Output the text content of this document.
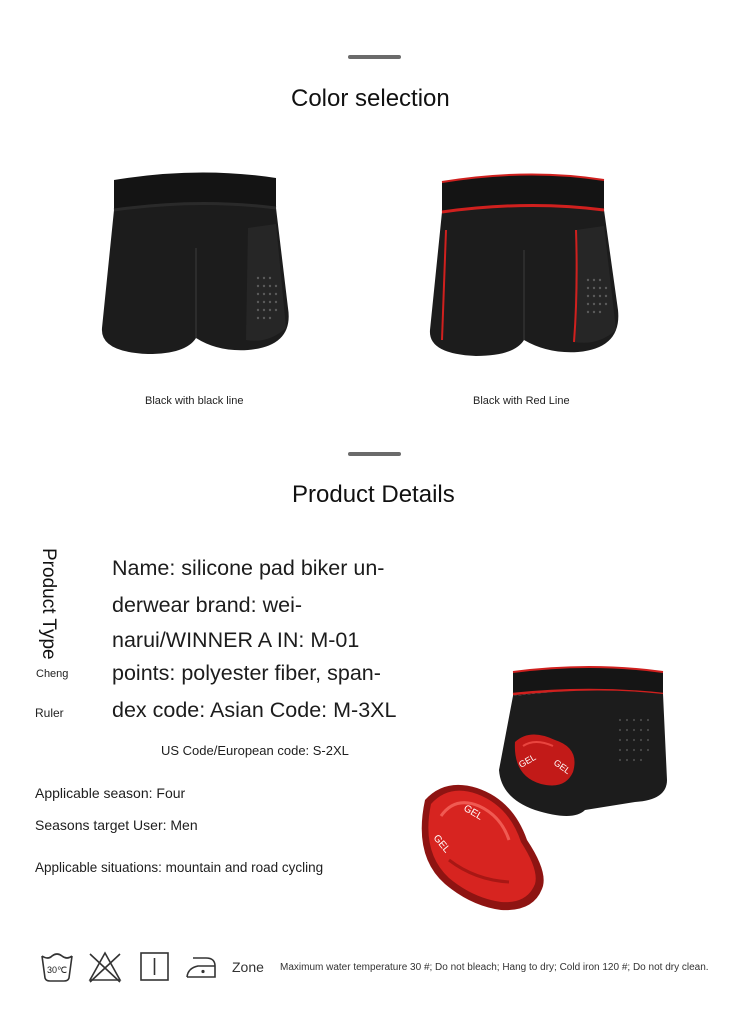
Color selection
Black with black line	Black with Red Line
Product Details
Product Type
Cheng
Ruler
Name: silicone pad biker un-
derwear brand: wei-
narui/WINNER A IN: M-01
points: polyester fiber, span-
dex code: Asian Code: M-3XL
US Code/European code: S-2XL
Applicable season: Four
Seasons target User: Men
Applicable situations: mountain and road cycling
GEL
GEL
GEL
GEL
30℃	Zone Maximum water temperature 30 #; Do not bleach; Hang to dry; Cold iron 120 #; Do not dry clean.
